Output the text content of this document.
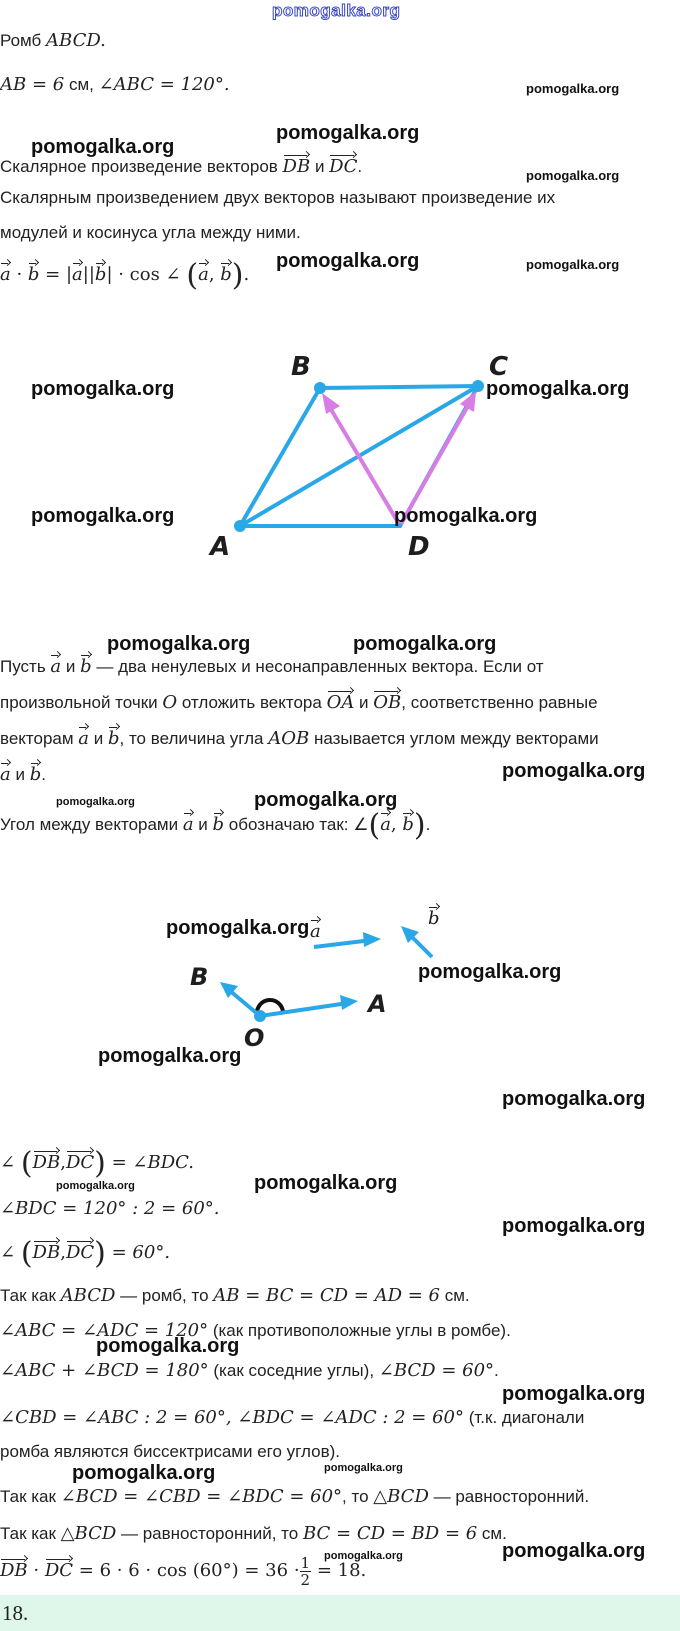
pomogalka.org
Ромб ABCD.
AB = 6 см, ∠ABC = 120°.
Скалярное произведение векторов DB и DC.
Скалярным произведением двух векторов называют произведение их
модулей и косинуса угла между ними.
a · b = |a||b| · cos ∠ (a, b).
B	C
A	D
Пусть a и b — два ненулевых и несонаправленных вектора. Если от
произвольной точки O отложить вектора OA и OB, соответственно равные
векторам a и b, то величина угла AOB называется углом между векторами
a и b.
Угол между векторами a и b обозначаю так: ∠(a, b).
a
b
B
A
O
∠ (DB,DC) = ∠BDC.
∠BDC = 120° : 2 = 60°.
∠ (DB,DC) = 60°.
Так как ABCD — ромб, то AB = BC = CD = AD = 6 см.
∠ABC = ∠ADC = 120° (как противоположные углы в ромбе).
∠ABC + ∠BCD = 180° (как соседние углы), ∠BCD = 60°.
∠CBD = ∠ABC : 2 = 60°, ∠BDC = ∠ADC : 2 = 60° (т.к. диагонали
ромба являются биссектрисами его углов).
Так как ∠BCD = ∠CBD = ∠BDC = 60°, то △BCD — равносторонний.
Так как △BCD — равносторонний, то BC = CD = BD = 6 см.
DB · DC = $6 \cdot 6 \cdot \cos (60^\circ) = 36 \cdot \frac{1}{2} = 18$.
18.
pomogalka.org
pomogalka.org
pomogalka.org
pomogalka.org
pomogalka.org	pomogalka.org
pomogalka.org	pomogalka.org
pomogalka.org	pomogalka.org
pomogalka.org	pomogalka.org
pomogalka.org
pomogalka.org	pomogalka.org
pomogalka.org
pomogalka.org
pomogalka.org
pomogalka.org
pomogalka.org	pomogalka.org
pomogalka.org
pomogalka.org
pomogalka.org
pomogalka.org	pomogalka.org
pomogalka.org	pomogalka.org
